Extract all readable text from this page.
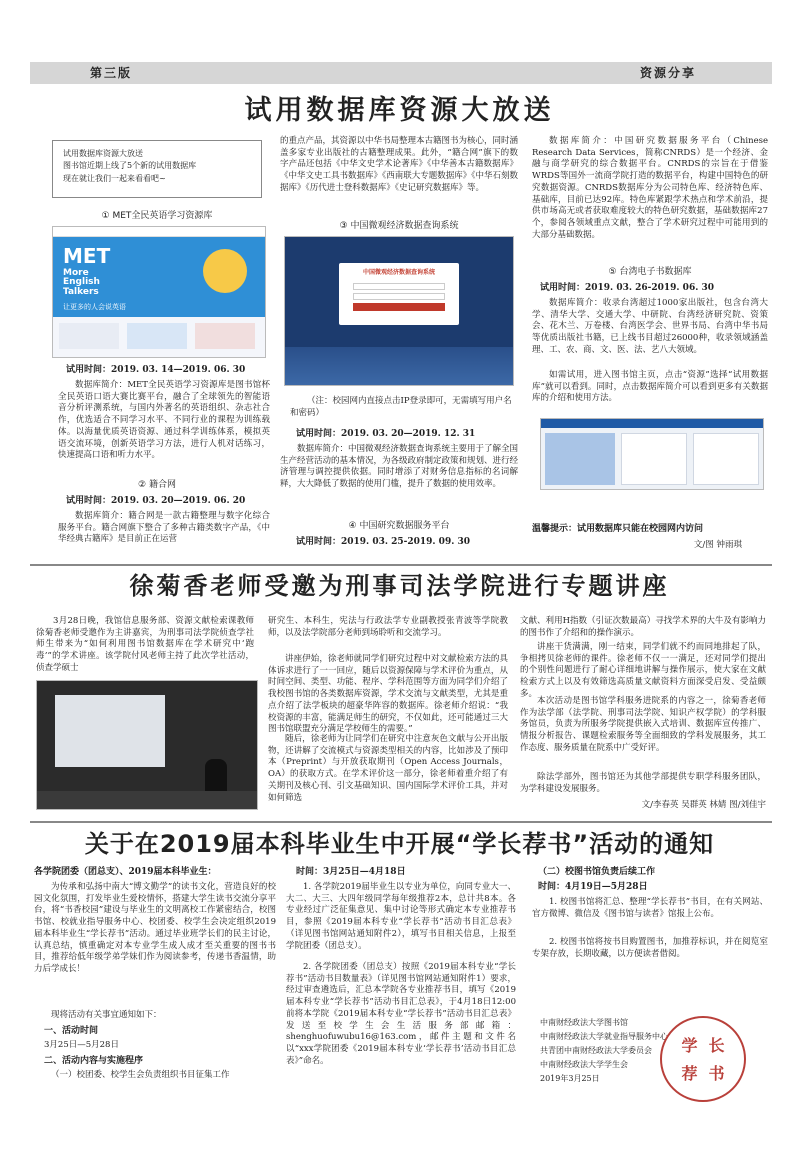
第三版	资源分享
试用数据库资源大放送
试用数据库资源大放送
图书馆近期上线了5个新的试用数据库
现在就让我们一起来看看吧~
① MET全民英语学习资源库
MET
More
English
Talkers
让更多的人会说英语
试用时间：2019. 03. 14—2019. 06. 30
数据库简介：MET全民英语学习资源库是图书馆杯全民英语口语大赛比赛平台，融合了全球领先的智能语音分析评测系统，与国内外著名的英语组织、杂志社合作，优选适合不同学习水平、不同行业的课程为训练载体。以海量优质英语资源、通过科学训练体系，模拟英语交流环境，创新英语学习方法，进行人机对话练习，快速提高口语和听力水平。
② 籍合网
试用时间：2019. 03. 20—2019. 06. 20
数据库简介：籍合网是一款古籍整理与数字化综合服务平台。籍合网旗下整合了多种古籍类数字产品，《中华经典古籍库》是目前正在运营
的重点产品，其资源以中华书局整理本古籍图书为核心，同时涵盖多家专业出版社的古籍整理成果。此外，“籍合网”旗下的数字产品还包括《中华文史学术论著库》《中华善本古籍数据库》《中华文史工具书数据库》《西南联大专题数据库》《中华石刻数据库》《历代进士登科数据库》《史记研究数据库》等。
③ 中国微观经济数据查询系统
中国微观经济数据查询系统
（注：校园网内直接点击IP登录即可，无需填写用户名和密码）
试用时间：2019. 03. 20—2019. 12. 31
数据库简介：中国微观经济数据查询系统主要用于了解全国生产经营活动的基本情况，为各级政府制定政策和规划、进行经济管理与调控提供依据。同时增添了对财务信息指标的名词解释，大大降低了数据的使用门槛，提升了数据的使用效率。
④ 中国研究数据服务平台
试用时间：2019. 03. 25-2019. 09. 30
数据库简介：中国研究数据服务平台（Chinese Research Data Services，简称CNRDS）是一个经济、金融与商学研究的综合数据平台。CNRDS的宗旨在于借鉴WRDS等国外一流商学院打造的数据平台，构建中国特色的研究数据资源。CNRDS数据库分为公司特色库、经济特色库、基础库，目前已达92库。特色库紧跟学术热点和学术前沿，提供市场高无或者获取难度较大的特色研究数据，基础数据库27个，参阅各领域重点文献，整合了学术研究过程中可能用到的大部分基础数据。
⑤ 台湾电子书数据库
试用时间：2019. 03. 26-2019. 06. 30
数据库简介：收录台湾超过1000家出版社，包含台湾大学、清华大学、交通大学、中研院、台湾经济研究院、资策会、花木兰、万卷楼、台湾医学会、世界书局、台湾中华书局等优质出版社书籍，已上线书目超过26000种，收录领域涵盖理、工、农、商、文、医、法、艺八大领域。
如需试用，进入图书馆主页，点击“资源”选择“试用数据库”就可以看到。同时，点击数据库简介可以看到更多有关数据库的介绍和使用方法。
温馨提示：试用数据库只能在校园网内访问
文/图 钟雨琪
徐菊香老师受邀为刑事司法学院进行专题讲座
3月28日晚，我馆信息服务部、资源文献检索课教师徐菊香老师受邀作为主讲嘉宾，为刑事司法学院侦查学社师生带来为“如何利用图书馆数据库在学术研究中‘跑毒’”的学术讲座。该学院付风老师主持了此次学社活动，侦查学硕士
研究生、本科生，宪法与行政法学专业副教授张青波等学院教师，以及法学院部分老师到场聆听和交流学习。
讲座伊始，徐老师就同学们研究过程中对文献检索方法的具体诉求进行了一一回应，随后以资源保障与学术评价为重点，从时间空间、类型、功能、程序、学科范围等方面为同学们介绍了我校图书馆的各类数据库资源，学术交流与文献类型，尤其是重点介绍了法学板块的超豪华阵容的数据库。徐老师介绍说：“我校资源的丰富，能满足师生的研究，不仅如此，还可能通过三大图书馆联盟充分满足学校师生的需要。”
随后，徐老师为让同学们在研究中注意灰色文献与公开出版物，还讲解了交流模式与资源类型相关的内容，比如涉及了预印本（Preprint）与开放获取期刊（Open Access Journals，OA）的获取方式。在学术评价这一部分，徐老师着重介绍了有关期刊及核心刊、引文基础知识、国内国际学术评价工具，并对如何筛选
文献、利用H指数（引证次数最高）寻找学术界的大牛及有影响力的图书作了介绍和的操作演示。
讲座干货满满，刚一结束，同学们就不约而同地排起了队，争相拷贝徐老师的课件。徐老师不仅一一满足，还对同学们提出的个别性问题进行了耐心详细地讲解与操作展示，使大家在文献检索方式上以及有效筛选高质量文献资料方面深受启发、受益颇多。
本次活动是图书馆学科服务进院系的内容之一，徐菊香老师作为法学部（法学院、刑事司法学院、知识产权学院）的学科服务馆员，负责为所服务学院提供嵌入式培训、数据库宣传推广、情报分析报告、课题检索服务等全面细致的学科发展服务，其工作态度、服务质量在院系中广受好评。
除法学部外，图书馆还为其他学部提供专职学科服务团队，为学科建设发展服务。
文/李春英 吴群英 林婧 图/刘佳宇
关于在2019届本科毕业生中开展“学长荐书”活动的通知
各学院团委（团总支）、2019届本科毕业生：
为传承和弘扬中南大“博文勤学”的读书文化，营造良好的校园文化氛围，打发毕业生爱校情怀，搭建大学生读书交流分享平台，将“书香校园”建设与毕业生的文明离校工作紧密结合，校图书馆、校就业指导服务中心、校团委、校学生会决定组织2019届本科毕业生“学长荐书”活动。通过毕业班学长们的民主讨论，认真总结，慎重确定对本专业学生成人成才至关重要的图书书目，推荐给低年级学弟学妹们作为阅读参考，传递书香温情，助力后学成长！
现将活动有关事宜通知如下：
一、活动时间
3月25日—5月28日
二、活动内容与实施程序
（一）校团委、校学生会负责组织书目征集工作
时间：3月25日—4月18日
1. 各学院2019届毕业生以专业为单位，向同专业大一、大二、大三、大四年级同学每年级推荐2本，总计共8本。各专业经过广泛征集意见、集中讨论等形式确定本专业推荐书目，参照《2019届本科专业“学长荐书”活动书目汇总表》（详见图书馆网站通知附件2），填写书目相关信息，上报至学院团委（团总支）。
2. 各学院团委（团总支）按照《2019届本科专业“学长荐书”活动书目数量表》（详见图书馆网站通知附件1）要求，经过审查遴选后，汇总本学院各专业推荐书目，填写《2019届本科专业“学长荐书”活动书目汇总表》，于4月18日12:00前将本学院《2019届本科专业“学长荐书”活动书目汇总表》发送至校学生会生活服务部邮箱：shenghuofuwubu16@163.com，邮件主题和文件名以“xxx学院团委《2019届本科专业‘学长荐书’活动书目汇总表》”命名。
（二）校图书馆负责后续工作
时间：4月19日—5月28日
1. 校图书馆将汇总、整理“学长荐书”书目，在有关网站、官方微博、微信及《图书馆与读者》馆报上公布。
2. 校图书馆将按书目购置图书，加推荐标识，并在阅览室专架存放，长期收藏，以方便读者借阅。
中南财经政法大学图书馆
中南财经政法大学就业指导服务中心
共青团中南财经政法大学委员会
中南财经政法大学学生会
2019年3月25日
学 长
荐 书
